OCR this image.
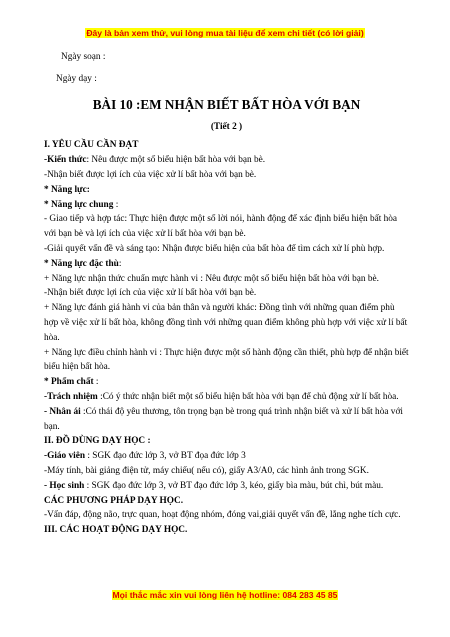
Đây là bản xem thử, vui lòng mua tài liệu để xem chi tiết (có lời giải)
Ngày soạn :
Ngày dạy :
BÀI 10 :EM NHẬN BIẾT BẤT HÒA VỚI BẠN
(Tiết 2 )
I. YÊU CẦU CẦN ĐẠT
-Kiến thức: Nêu được một số biểu hiện bất hòa với bạn bè.
-Nhận biết được lợi ích của việc xử lí bất hòa với bạn bè.
* Năng lực:
* Năng lực chung :
- Giao tiếp và hợp tác: Thực hiện được một số lời nói, hành động để xác định biểu hiện bất hòa với bạn bè và lợi ích của việc xử lí bất hòa với bạn bè.
-Giải quyết vấn đề và sáng tạo: Nhận được biểu hiện của bất hòa để tìm cách xử lí phù hợp.
* Năng lực đặc thù:
+ Năng lực nhận thức chuẩn mực hành vi : Nêu được một số biểu hiện bất hòa với bạn bè.
-Nhận biết được lợi ích của việc xử lí bất hòa với bạn bè.
+ Năng lực đánh giá hành vi của bản thân và người khác: Đồng tình với những quan điểm phù hợp về việc xử lí bất hòa, không đồng tình với những quan điểm không phù hợp với việc xử lí bất hòa.
+ Năng lực điều chỉnh hành vi : Thực hiện được một số hành động cần thiết, phù hợp để nhận biết biểu hiện bất hòa.
* Phẩm chất :
-Trách nhiệm :Có ý thức nhận biết một số biểu hiện bất hòa với bạn để chủ động xử lí bất hòa.
- Nhân ái :Có thái độ yêu thương, tôn trọng bạn bè trong quá trình nhận biết và xử lí bất hòa với bạn.
II. ĐỒ DÙNG DẠY HỌC :
-Giáo viên : SGK đạo đức lớp 3, vở BT đọa đức lớp 3
-Máy tính, bài giảng điện tử, máy chiếu( nếu có), giấy A3/A0, các hình ảnh trong SGK.
- Học sinh : SGK đạo đức lớp 3, vở BT đạo đức lớp 3, kéo, giấy bìa màu, bút chì, bút màu.
CÁC PHƯƠNG PHÁP DẠY HỌC.
-Vấn đáp, động não, trực quan, hoạt động nhóm, đóng vai,giải quyết vấn đề, lắng nghe tích cực.
III. CÁC HOẠT ĐỘNG DẠY HỌC.
Mọi thắc mắc xin vui lòng liên hệ hotline: 084 283 45 85
